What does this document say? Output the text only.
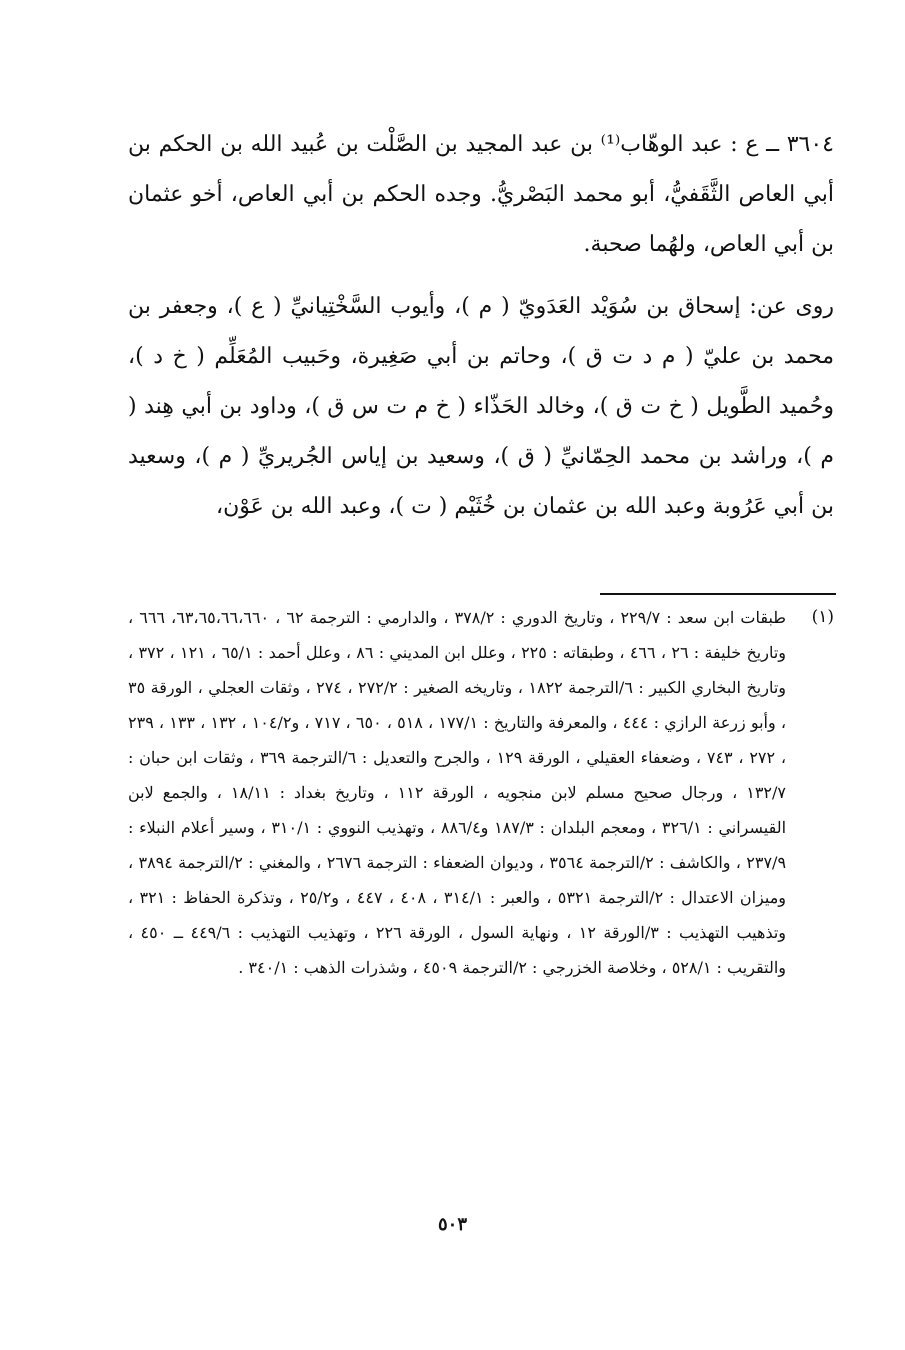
٣٦٠٤ ــ ع : عبد الوهّاب⁽¹⁾ بن عبد المجيد بن الصَّلْت بن عُبيد الله بن الحكم بن أبي العاص الثَّقَفيُّ، أبو محمد البَصْريُّ. وجده الحكم بن أبي العاص، أخو عثمان بن أبي العاص، ولهُما صحبة.

روى عن: إسحاق بن سُوَيْد العَدَويّ ( م )، وأيوب السَّخْتِيانيِّ ( ع )، وجعفر بن محمد بن عليّ ( م د ت ق )، وحاتم بن أبي صَغِيرة، وحَبيب المُعَلِّم ( خ د )، وحُميد الطَّويل ( خ ت ق )، وخالد الحَذّاء ( خ م ت س ق )، وداود بن أبي هِند ( م )، وراشد بن محمد الحِمّانيِّ ( ق )، وسعيد بن إياس الجُريريِّ ( م )، وسعيد بن أبي عَرُوبة وعبد الله بن عثمان بن خُثَيْم ( ت )، وعبد الله بن عَوْن،

(١)
طبقات ابن سعد : ٢٢٩/٧ ، وتاريخ الدوري : ٣٧٨/٢ ، والدارمي : الترجمة ٦٢ ، ٦٣،٦٥،٦٦،٦٦٠، ٦٦٦ ، وتاريخ خليفة : ٢٦ ، ٤٦٦ ، وطبقاته : ٢٢٥ ، وعلل ابن المديني : ٨٦ ، وعلل أحمد : ٦٥/١ ، ١٢١ ، ٣٧٢ ، وتاريخ البخاري الكبير : ٦/الترجمة ١٨٢٢ ، وتاريخه الصغير : ٢٧٢/٢ ، ٢٧٤ ، وثقات العجلي ، الورقة ٣٥ ، وأبو زرعة الرازي : ٤٤٤ ، والمعرفة والتاريخ : ١٧٧/١ ، ٥١٨ ، ٦٥٠ ، ٧١٧ ، و١٠٤/٢ ، ١٣٢ ، ١٣٣ ، ٢٣٩ ، ٢٧٢ ، ٧٤٣ ، وضعفاء العقيلي ، الورقة ١٢٩ ، والجرح والتعديل : ٦/الترجمة ٣٦٩ ، وثقات ابن حبان : ١٣٢/٧ ، ورجال صحيح مسلم لابن منجويه ، الورقة ١١٢ ، وتاريخ بغداد : ١٨/١١ ، والجمع لابن القيسراني : ٣٢٦/١ ، ومعجم البلدان : ١٨٧/٣ و٨٨٦/٤ ، وتهذيب النووي : ٣١٠/١ ، وسير أعلام النبلاء : ٢٣٧/٩ ، والكاشف : ٢/الترجمة ٣٥٦٤ ، وديوان الضعفاء : الترجمة ٢٦٧٦ ، والمغني : ٢/الترجمة ٣٨٩٤ ، وميزان الاعتدال : ٢/الترجمة ٥٣٢١ ، والعبر : ٣١٤/١ ، ٤٠٨ ، ٤٤٧ ، و٢٥/٢ ، وتذكرة الحفاظ : ٣٢١ ، وتذهيب التهذيب : ٣/الورقة ١٢ ، ونهاية السول ، الورقة ٢٢٦ ، وتهذيب التهذيب : ٤٤٩/٦ ــ ٤٥٠ ، والتقريب : ٥٢٨/١ ، وخلاصة الخزرجي : ٢/الترجمة ٤٥٠٩ ، وشذرات الذهب : ٣٤٠/١ .
٥٠٣
